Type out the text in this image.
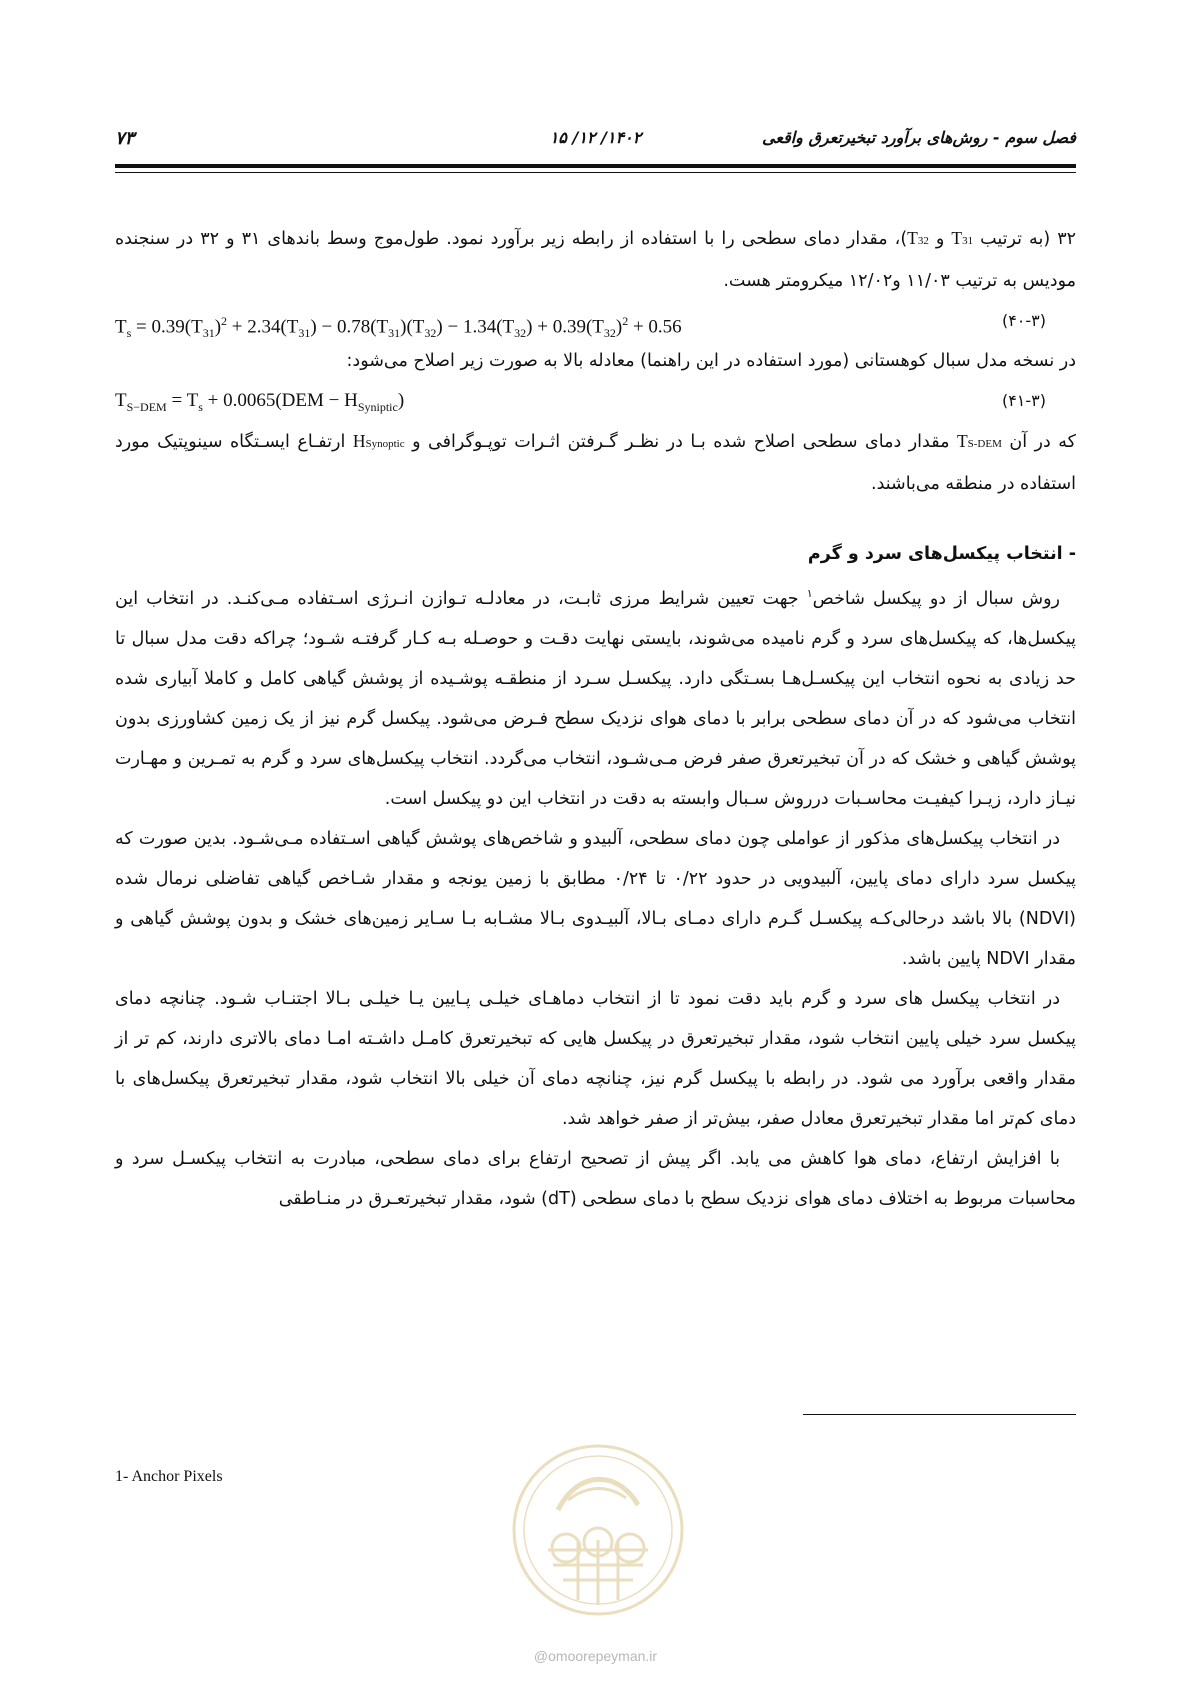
۷۳	۱۴۰۲/ ۱۲/ ۱۵	فصل سوم - روش‌های برآورد تبخیرتعرق واقعی

۳۲ (به ترتیب T31 و T32)، مقدار دمای سطحی را با استفاده از رابطه زیر برآورد نمود. طول‌موج وسط باندهای ۳۱ و ۳۲ در سنجنده مودیس به ترتیب ۱۱/۰۳ و۱۲/۰۲ میکرومتر هست.

$T_s = 0.39(T_{31})^2 + 2.34(T_{31}) - 0.78(T_{31})(T_{32}) - 1.34(T_{32}) + 0.39(T_{32})^2 + 0.56$	(۴۰-۳)

در نسخه مدل سبال کوهستانی (مورد استفاده در این راهنما) معادله بالا به صورت زیر اصلاح می‌شود:

$T_{S-DEM} = T_s + 0.0065(DEM - H_{Syniptic})$	(۴۱-۳)

که در آن TS-DEM مقدار دمای سطحی اصلاح شده بـا در نظـر گـرفتن اثـرات توپـوگرافی و HSynoptic ارتفـاع ایسـتگاه سینوپتیک مورد استفاده در منطقه می‌باشند.

- انتخاب پیکسل‌های سرد و گرم

روش سبال از دو پیکسل شاخص$^۱$ جهت تعیین شرایط مرزی ثابـت، در معادلـه تـوازن انـرژی اسـتفاده مـی‌کنـد. در انتخاب این پیکسل‌ها، که پیکسل‌های سرد و گرم نامیده می‌شوند، بایستی نهایت دقـت و حوصـله بـه کـار گرفتـه شـود؛ چراکه دقت مدل سبال تا حد زیادی به نحوه انتخاب این پیکسـل‌هـا بسـتگی دارد. پیکسـل سـرد از منطقـه پوشـیده از پوشش گیاهی کامل و کاملا آبیاری شده انتخاب می‌شود که در آن دمای سطحی برابر با دمای هوای نزدیک سطح فـرض می‌شود. پیکسل گرم نیز از یک زمین کشاورزی بدون پوشش گیاهی و خشک که در آن تبخیرتعرق صفر فرض مـی‌شـود، انتخاب می‌گردد. انتخاب پیکسل‌های سرد و گرم به تمـرین و مهـارت نیـاز دارد، زیـرا کیفیـت محاسـبات درروش سـبال وابسته به دقت در انتخاب این دو پیکسل است.

در انتخاب پیکسل‌های مذکور از عواملی چون دمای سطحی، آلبیدو و شاخص‌های پوشش گیاهی اسـتفاده مـی‌شـود. بدین صورت که پیکسل سرد دارای دمای پایین، آلبیدویی در حدود ۰/۲۲ تا ۰/۲۴ مطابق با زمین یونجه و مقدار شـاخص گیاهی تفاضلی نرمال شده (NDVI) بالا باشد درحالی‌کـه پیکسـل گـرم دارای دمـای بـالا، آلبیـدوی بـالا مشـابه بـا سـایر زمین‌های خشک و بدون پوشش گیاهی و مقدار NDVI پایین باشد.

در انتخاب پیکسل های سرد و گرم باید دقت نمود تا از انتخاب دماهـای خیلـی پـایین یـا خیلـی بـالا اجتنـاب شـود. چنانچه دمای پیکسل سرد خیلی پایین انتخاب شود، مقدار تبخیرتعرق در پیکسل هایی که تبخیرتعرق کامـل داشـته امـا دمای بالاتری دارند، کم تر از مقدار واقعی برآورد می شود. در رابطه با پیکسل گرم نیز، چنانچه دمای آن خیلی بالا انتخاب شود، مقدار تبخیرتعرق پیکسل‌های با دمای کم‌تر اما مقدار تبخیرتعرق معادل صفر، بیش‌تر از صفر خواهد شد.

با افزایش ارتفاع، دمای هوا کاهش می یابد. اگر پیش از تصحیح ارتفاع برای دمای سطحی، مبادرت به انتخاب پیکسـل سرد و محاسبات مربوط به اختلاف دمای هوای نزدیک سطح با دمای سطحی (dT) شود، مقدار تبخیرتعـرق در منـاطقی

1- Anchor Pixels
@omoorepeyman.ir
